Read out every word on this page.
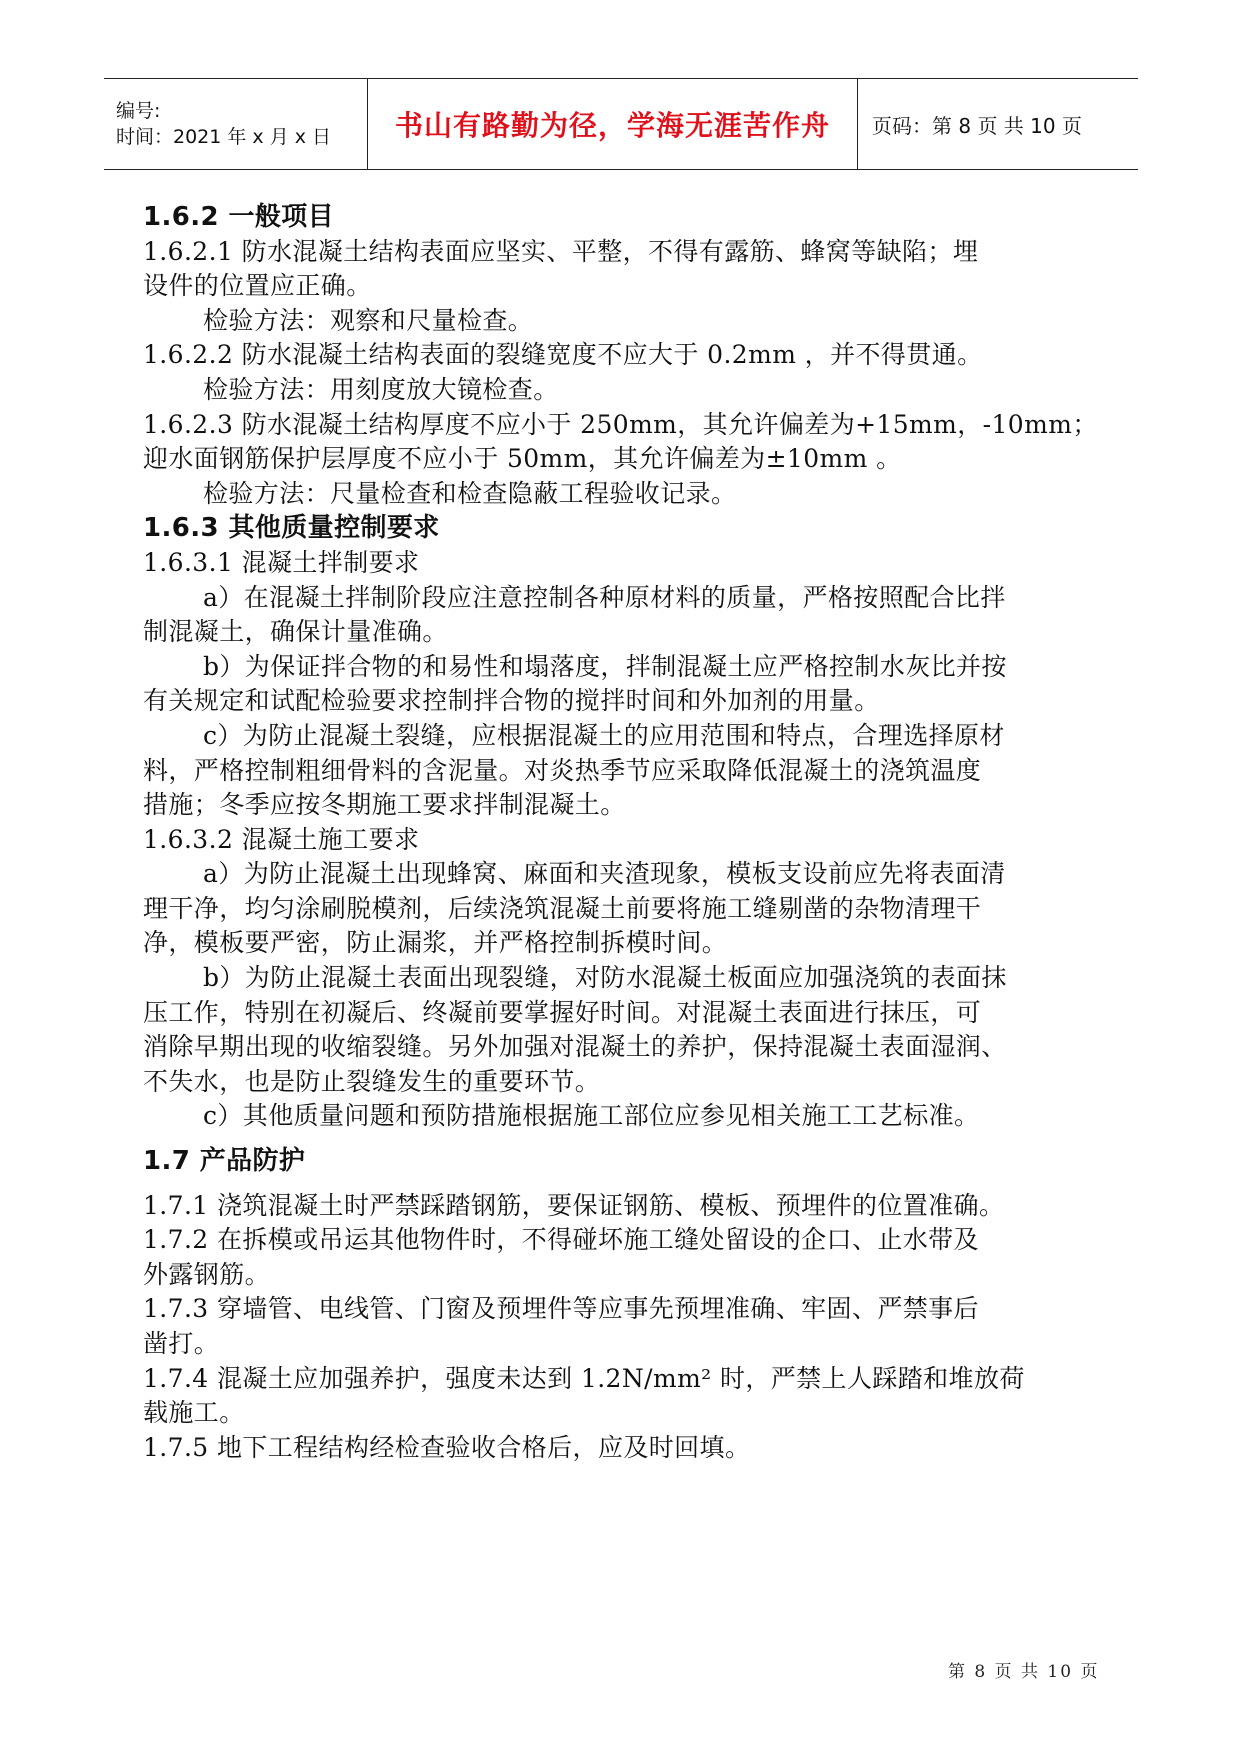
编号:
时间：2021 年 x 月 x 日	书山有路勤为径，学海无涯苦作舟	页码：第 8 页 共 10 页
1.6.2 一般项目
1.6.2.1 防水混凝土结构表面应坚实、平整，不得有露筋、蜂窝等缺陷；埋
设件的位置应正确。
检验方法：观察和尺量检查。
1.6.2.2 防水混凝土结构表面的裂缝宽度不应大于 0.2mm ，并不得贯通。
检验方法：用刻度放大镜检查。
1.6.2.3 防水混凝土结构厚度不应小于 250mm，其允许偏差为+15mm，-10mm；
迎水面钢筋保护层厚度不应小于 50mm，其允许偏差为±10mm 。
检验方法：尺量检查和检查隐蔽工程验收记录。
1.6.3 其他质量控制要求
1.6.3.1 混凝土拌制要求
a）在混凝土拌制阶段应注意控制各种原材料的质量，严格按照配合比拌
制混凝土，确保计量准确。
b）为保证拌合物的和易性和塌落度，拌制混凝土应严格控制水灰比并按
有关规定和试配检验要求控制拌合物的搅拌时间和外加剂的用量。
c）为防止混凝土裂缝，应根据混凝土的应用范围和特点，合理选择原材
料，严格控制粗细骨料的含泥量。对炎热季节应采取降低混凝土的浇筑温度
措施；冬季应按冬期施工要求拌制混凝土。
1.6.3.2 混凝土施工要求
a）为防止混凝土出现蜂窝、麻面和夹渣现象，模板支设前应先将表面清
理干净，均匀涂刷脱模剂，后续浇筑混凝土前要将施工缝剔凿的杂物清理干
净，模板要严密，防止漏浆，并严格控制拆模时间。
b）为防止混凝土表面出现裂缝，对防水混凝土板面应加强浇筑的表面抹
压工作，特别在初凝后、终凝前要掌握好时间。对混凝土表面进行抹压，可
消除早期出现的收缩裂缝。另外加强对混凝土的养护，保持混凝土表面湿润、
不失水，也是防止裂缝发生的重要环节。
c）其他质量问题和预防措施根据施工部位应参见相关施工工艺标准。
1.7 产品防护
1.7.1 浇筑混凝土时严禁踩踏钢筋，要保证钢筋、模板、预埋件的位置准确。
1.7.2 在拆模或吊运其他物件时，不得碰坏施工缝处留设的企口、止水带及
外露钢筋。
1.7.3 穿墙管、电线管、门窗及预埋件等应事先预埋准确、牢固、严禁事后
凿打。
1.7.4 混凝土应加强养护，强度未达到 1.2N/mm² 时，严禁上人踩踏和堆放荷
载施工。
1.7.5 地下工程结构经检查验收合格后，应及时回填。
第 8 页 共 10 页
